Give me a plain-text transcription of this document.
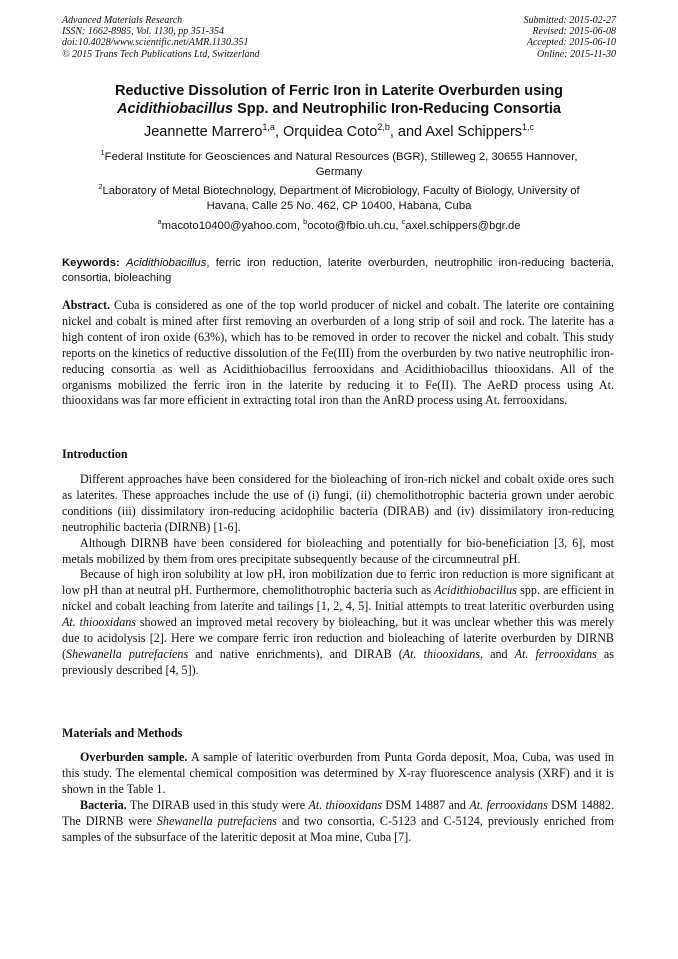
Advanced Materials Research
ISSN: 1662-8985, Vol. 1130, pp 351-354
doi:10.4028/www.scientific.net/AMR.1130.351
© 2015 Trans Tech Publications Ltd, Switzerland
Submitted: 2015-02-27
Revised: 2015-06-08
Accepted: 2015-06-10
Online: 2015-11-30
Reductive Dissolution of Ferric Iron in Laterite Overburden using
Acidithiobacillus Spp. and Neutrophilic Iron-Reducing Consortia
Jeannette Marrero$^{1,a}$, Orquidea Coto$^{2,b}$, and Axel Schippers$^{1,c}$
$^1$Federal Institute for Geosciences and Natural Resources (BGR), Stilleweg 2, 30655 Hannover,
Germany
$^2$Laboratory of Metal Biotechnology, Department of Microbiology, Faculty of Biology, University of
Havana, Calle 25 No. 462, CP 10400, Habana, Cuba
$^a$macoto10400@yahoo.com, $^b$ocoto@fbio.uh.cu, $^c$axel.schippers@bgr.de
Keywords: Acidithiobacillus, ferric iron reduction, laterite overburden, neutrophilic iron-reducing bacteria, consortia, bioleaching
Abstract. Cuba is considered as one of the top world producer of nickel and cobalt. The laterite ore containing nickel and cobalt is mined after first removing an overburden of a long strip of soil and rock. The laterite has a high content of iron oxide (63%), which has to be removed in order to recover the nickel and cobalt. This study reports on the kinetics of reductive dissolution of the Fe(III) from the overburden by two native neutrophilic iron-reducing consortia as well as Acidithiobacillus ferrooxidans and Acidithiobacillus thiooxidans. All of the organisms mobilized the ferric iron in the laterite by reducing it to Fe(II). The AeRD process using At. thiooxidans was far more efficient in extracting total iron than the AnRD process using At. ferrooxidans.
Introduction

Different approaches have been considered for the bioleaching of iron-rich nickel and cobalt oxide ores such as laterites. These approaches include the use of (i) fungi, (ii) chemolithotrophic bacteria grown under aerobic conditions (iii) dissimilatory iron-reducing acidophilic bacteria (DIRAB) and (iv) dissimilatory iron-reducing neutrophilic bacteria (DIRNB) [1-6].

Although DIRNB have been considered for bioleaching and potentially for bio-beneficiation [3, 6], most metals mobilized by them from ores precipitate subsequently because of the circumneutral pH.

Because of high iron solubility at low pH, iron mobilization due to ferric iron reduction is more significant at low pH than at neutral pH. Furthermore, chemolithotrophic bacteria such as Acidithiobacillus spp. are efficient in nickel and cobalt leaching from laterite and tailings [1, 2, 4, 5]. Initial attempts to treat lateritic overburden using At. thiooxidans showed an improved metal recovery by bioleaching, but it was unclear whether this was merely due to acidolysis [2]. Here we compare ferric iron reduction and bioleaching of laterite overburden by DIRNB (Shewanella putrefaciens and native enrichments), and DIRAB (At. thiooxidans, and At. ferrooxidans as previously described [4, 5]).

Materials and Methods

Overburden sample. A sample of lateritic overburden from Punta Gorda deposit, Moa, Cuba, was used in this study. The elemental chemical composition was determined by X-ray fluorescence analysis (XRF) and it is shown in the Table 1.

Bacteria. The DIRAB used in this study were At. thiooxidans DSM 14887 and At. ferrooxidans DSM 14882. The DIRNB were Shewanella putrefaciens and two consortia, C-5123 and C-5124, previously enriched from samples of the subsurface of the lateritic deposit at Moa mine, Cuba [7].
